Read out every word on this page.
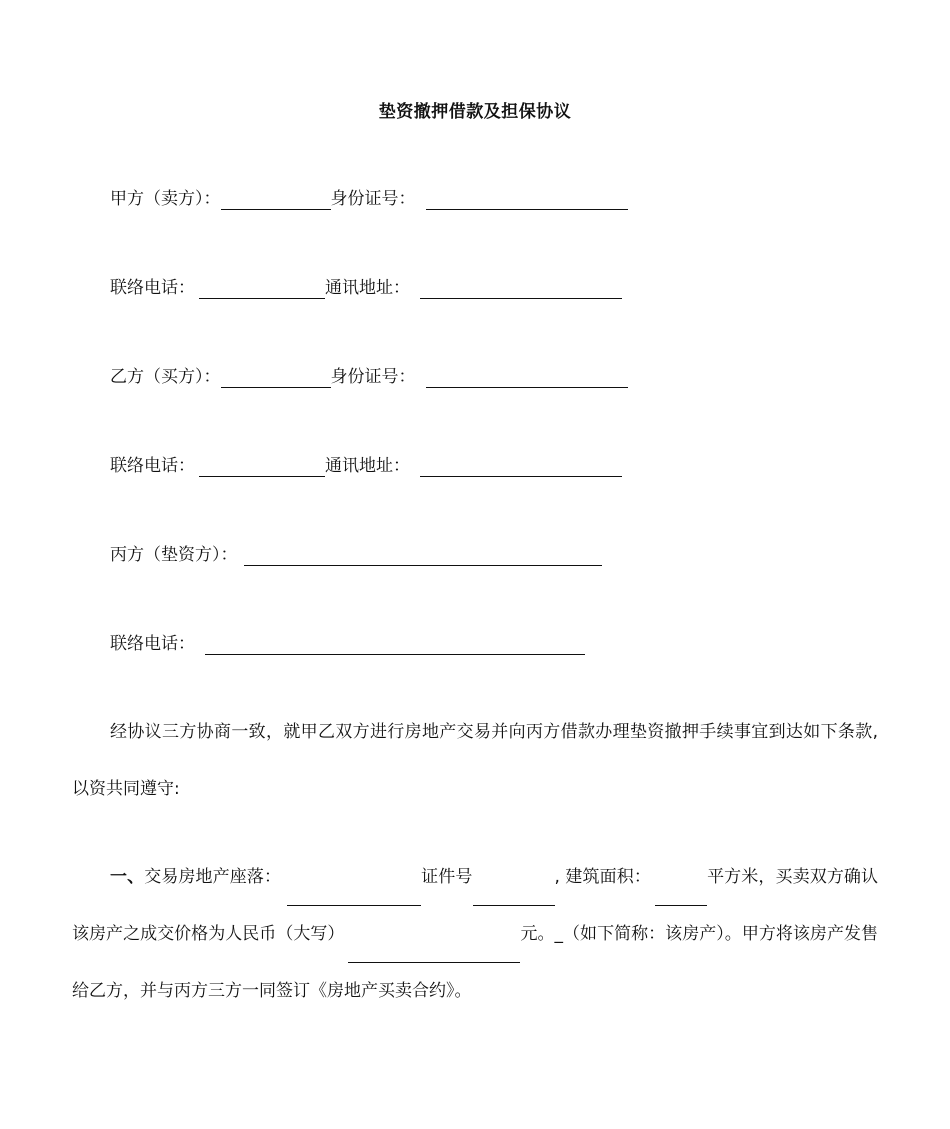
垫资撤押借款及担保协议
甲方（卖方）：	身份证号：
联络电话：	通讯地址：
乙方（买方）：	身份证号：
联络电话：	通讯地址：
丙方（垫资方）：
联络电话：
经协议三方协商一致，就甲乙双方进行房地产交易并向丙方借款办理垫资撤押手续事宜到达如下条款,以资共同遵守:
一、交易房地产座落：	证件号	, 建筑面积：	平方米，买卖双方确认该房产之成交价格为人民币（大写）	元。_（如下简称：该房产）。甲方将该房产发售给乙方，并与丙方三方一同签订《房地产买卖合约》。
